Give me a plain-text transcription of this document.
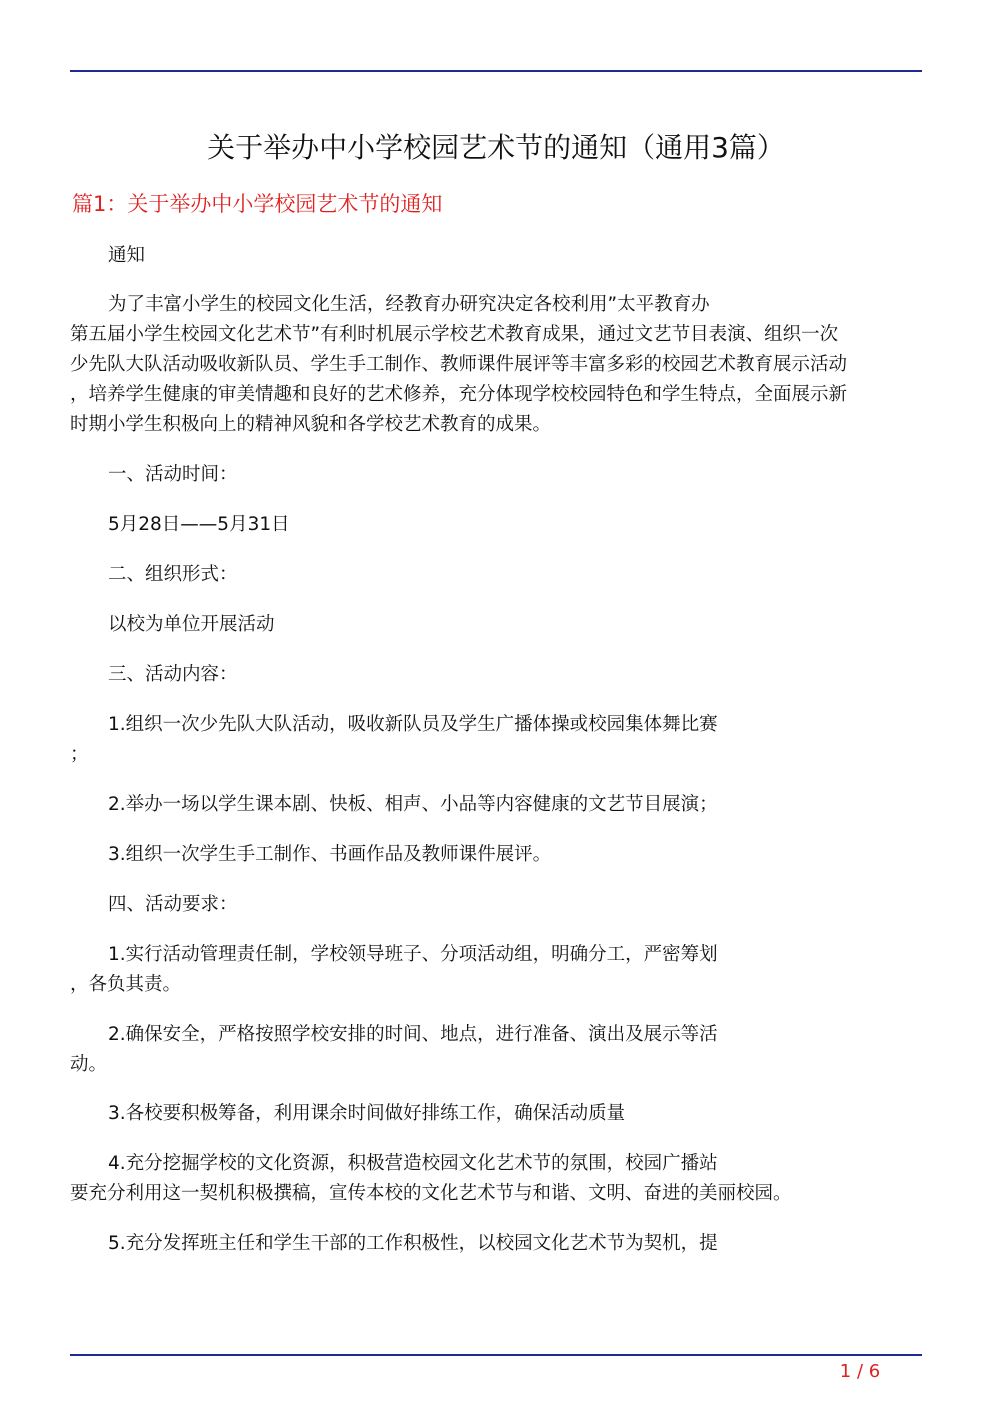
关于举办中小学校园艺术节的通知（通用3篇）
篇1：关于举办中小学校园艺术节的通知
通知
为了丰富小学生的校园文化生活，经教育办研究决定各校利用”太平教育办
第五届小学生校园文化艺术节”有利时机展示学校艺术教育成果，通过文艺节目表演、组织一次
少先队大队活动吸收新队员、学生手工制作、教师课件展评等丰富多彩的校园艺术教育展示活动
，培养学生健康的审美情趣和良好的艺术修养，充分体现学校校园特色和学生特点，全面展示新
时期小学生积极向上的精神风貌和各学校艺术教育的成果。
一、活动时间：
5月28日——5月31日
二、组织形式：
以校为单位开展活动
三、活动内容：
1.组织一次少先队大队活动，吸收新队员及学生广播体操或校园集体舞比赛
；
2.举办一场以学生课本剧、快板、相声、小品等内容健康的文艺节目展演；
3.组织一次学生手工制作、书画作品及教师课件展评。
四、活动要求：
1.实行活动管理责任制，学校领导班子、分项活动组，明确分工，严密筹划
，各负其责。
2.确保安全，严格按照学校安排的时间、地点，进行准备、演出及展示等活
动。
3.各校要积极筹备，利用课余时间做好排练工作，确保活动质量
4.充分挖掘学校的文化资源，积极营造校园文化艺术节的氛围，校园广播站
要充分利用这一契机积极撰稿，宣传本校的文化艺术节与和谐、文明、奋进的美丽校园。
5.充分发挥班主任和学生干部的工作积极性，以校园文化艺术节为契机，提
1 / 6
